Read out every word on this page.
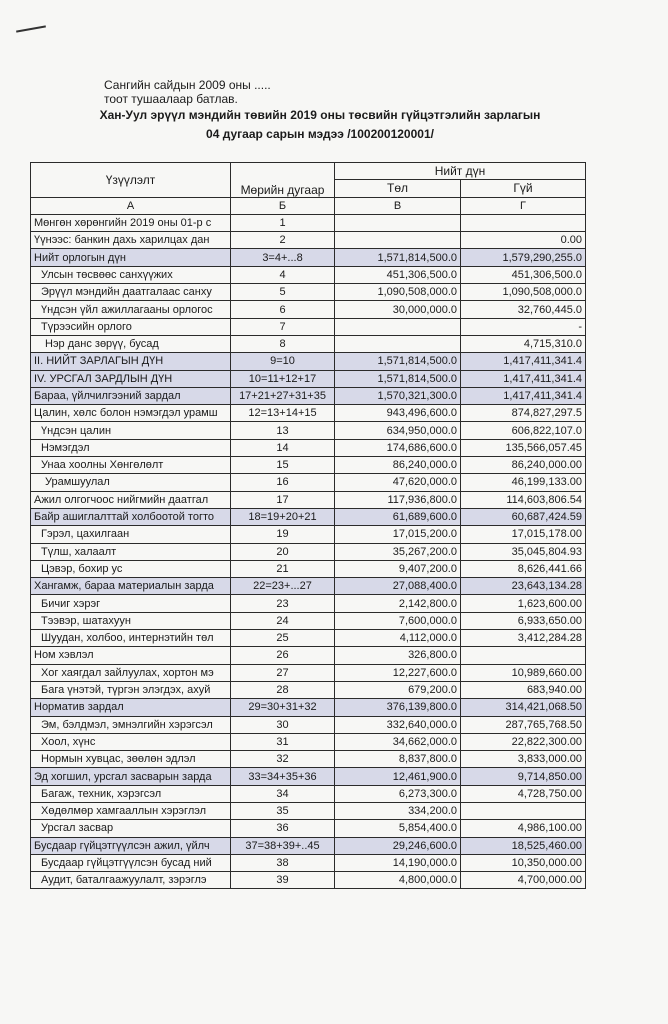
Сангийн сайдын 2009 оны .....
тоот тушаалаар батлав.
Хан-Уул эрүүл мэндийн төвийн 2019 оны төсвийн гүйцэтгэлийн зарлагын
04 дугаар сарын мэдээ /100200120001/
Үзүүлэлт	Мөрийн дугаар	Нийт дүн	
		Төл	Гүй
А	Б	В	Г
Мөнгөн хөрөнгийн 2019 оны 01-р с	1		
Үүнээс: банкин дахь харилцах дан	2		0.00
Нийт орлогын дүн	3=4+...8	1,571,814,500.0	1,579,290,255.0
Улсын төсвөөс санхүүжих	4	451,306,500.0	451,306,500.0
Эрүүл мэндийн даатгалаас санху	5	1,090,508,000.0	1,090,508,000.0
Үндсэн үйл ажиллагааны орлогос	6	30,000,000.0	32,760,445.0
Түрээсийн орлого	7		-
Нэр данс зөрүү, бусад	8		4,715,310.0
II. НИЙТ ЗАРЛАГЫН ДҮН	9=10	1,571,814,500.0	1,417,411,341.4
IV. УРСГАЛ ЗАРДЛЫН ДҮН	10=11+12+17	1,571,814,500.0	1,417,411,341.4
Бараа, үйлчилгээний зардал	17+21+27+31+35	1,570,321,300.0	1,417,411,341.4
Цалин, хөлс болон нэмэгдэл урамш	12=13+14+15	943,496,600.0	874,827,297.5
Үндсэн цалин	13	634,950,000.0	606,822,107.0
Нэмэгдэл	14	174,686,600.0	135,566,057.45
Унаа хоолны Хөнгөлөлт	15	86,240,000.0	86,240,000.00
Урамшуулал	16	47,620,000.0	46,199,133.00
Ажил олгогчоос нийгмийн даатгал	17	117,936,800.0	114,603,806.54
Байр ашиглалттай холбоотой тогто	18=19+20+21	61,689,600.0	60,687,424.59
Гэрэл, цахилгаан	19	17,015,200.0	17,015,178.00
Түлш, халаалт	20	35,267,200.0	35,045,804.93
Цэвэр, бохир ус	21	9,407,200.0	8,626,441.66
Хангамж, бараа материалын зарда	22=23+...27	27,088,400.0	23,643,134.28
Бичиг хэрэг	23	2,142,800.0	1,623,600.00
Тээвэр, шатахуун	24	7,600,000.0	6,933,650.00
Шуудан, холбоо, интернэтийн төл	25	4,112,000.0	3,412,284.28
Ном хэвлэл	26	326,800.0	
Хог хаягдал зайлуулах, хортон мэ	27	12,227,600.0	10,989,660.00
Бага үнэтэй, түргэн элэгдэх, ахуй	28	679,200.0	683,940.00
Норматив зардал	29=30+31+32	376,139,800.0	314,421,068.50
Эм, бэлдмэл, эмнэлгийн хэрэгсэл	30	332,640,000.0	287,765,768.50
Хоол, хүнс	31	34,662,000.0	22,822,300.00
Нормын хувцас, зөөлөн эдлэл	32	8,837,800.0	3,833,000.00
Эд хогшил, урсгал засварын зарда	33=34+35+36	12,461,900.0	9,714,850.00
Багаж, техник, хэрэгсэл	34	6,273,300.0	4,728,750.00
Хөдөлмөр хамгааллын хэрэглэл	35	334,200.0	
Урсгал засвар	36	5,854,400.0	4,986,100.00
Бусдаар гүйцэтгүүлсэн ажил, үйлч	37=38+39+..45	29,246,600.0	18,525,460.00
Бусдаар гүйцэтгүүлсэн бусад ний	38	14,190,000.0	10,350,000.00
Аудит, баталгаажуулалт, зэрэглэ	39	4,800,000.0	4,700,000.00
